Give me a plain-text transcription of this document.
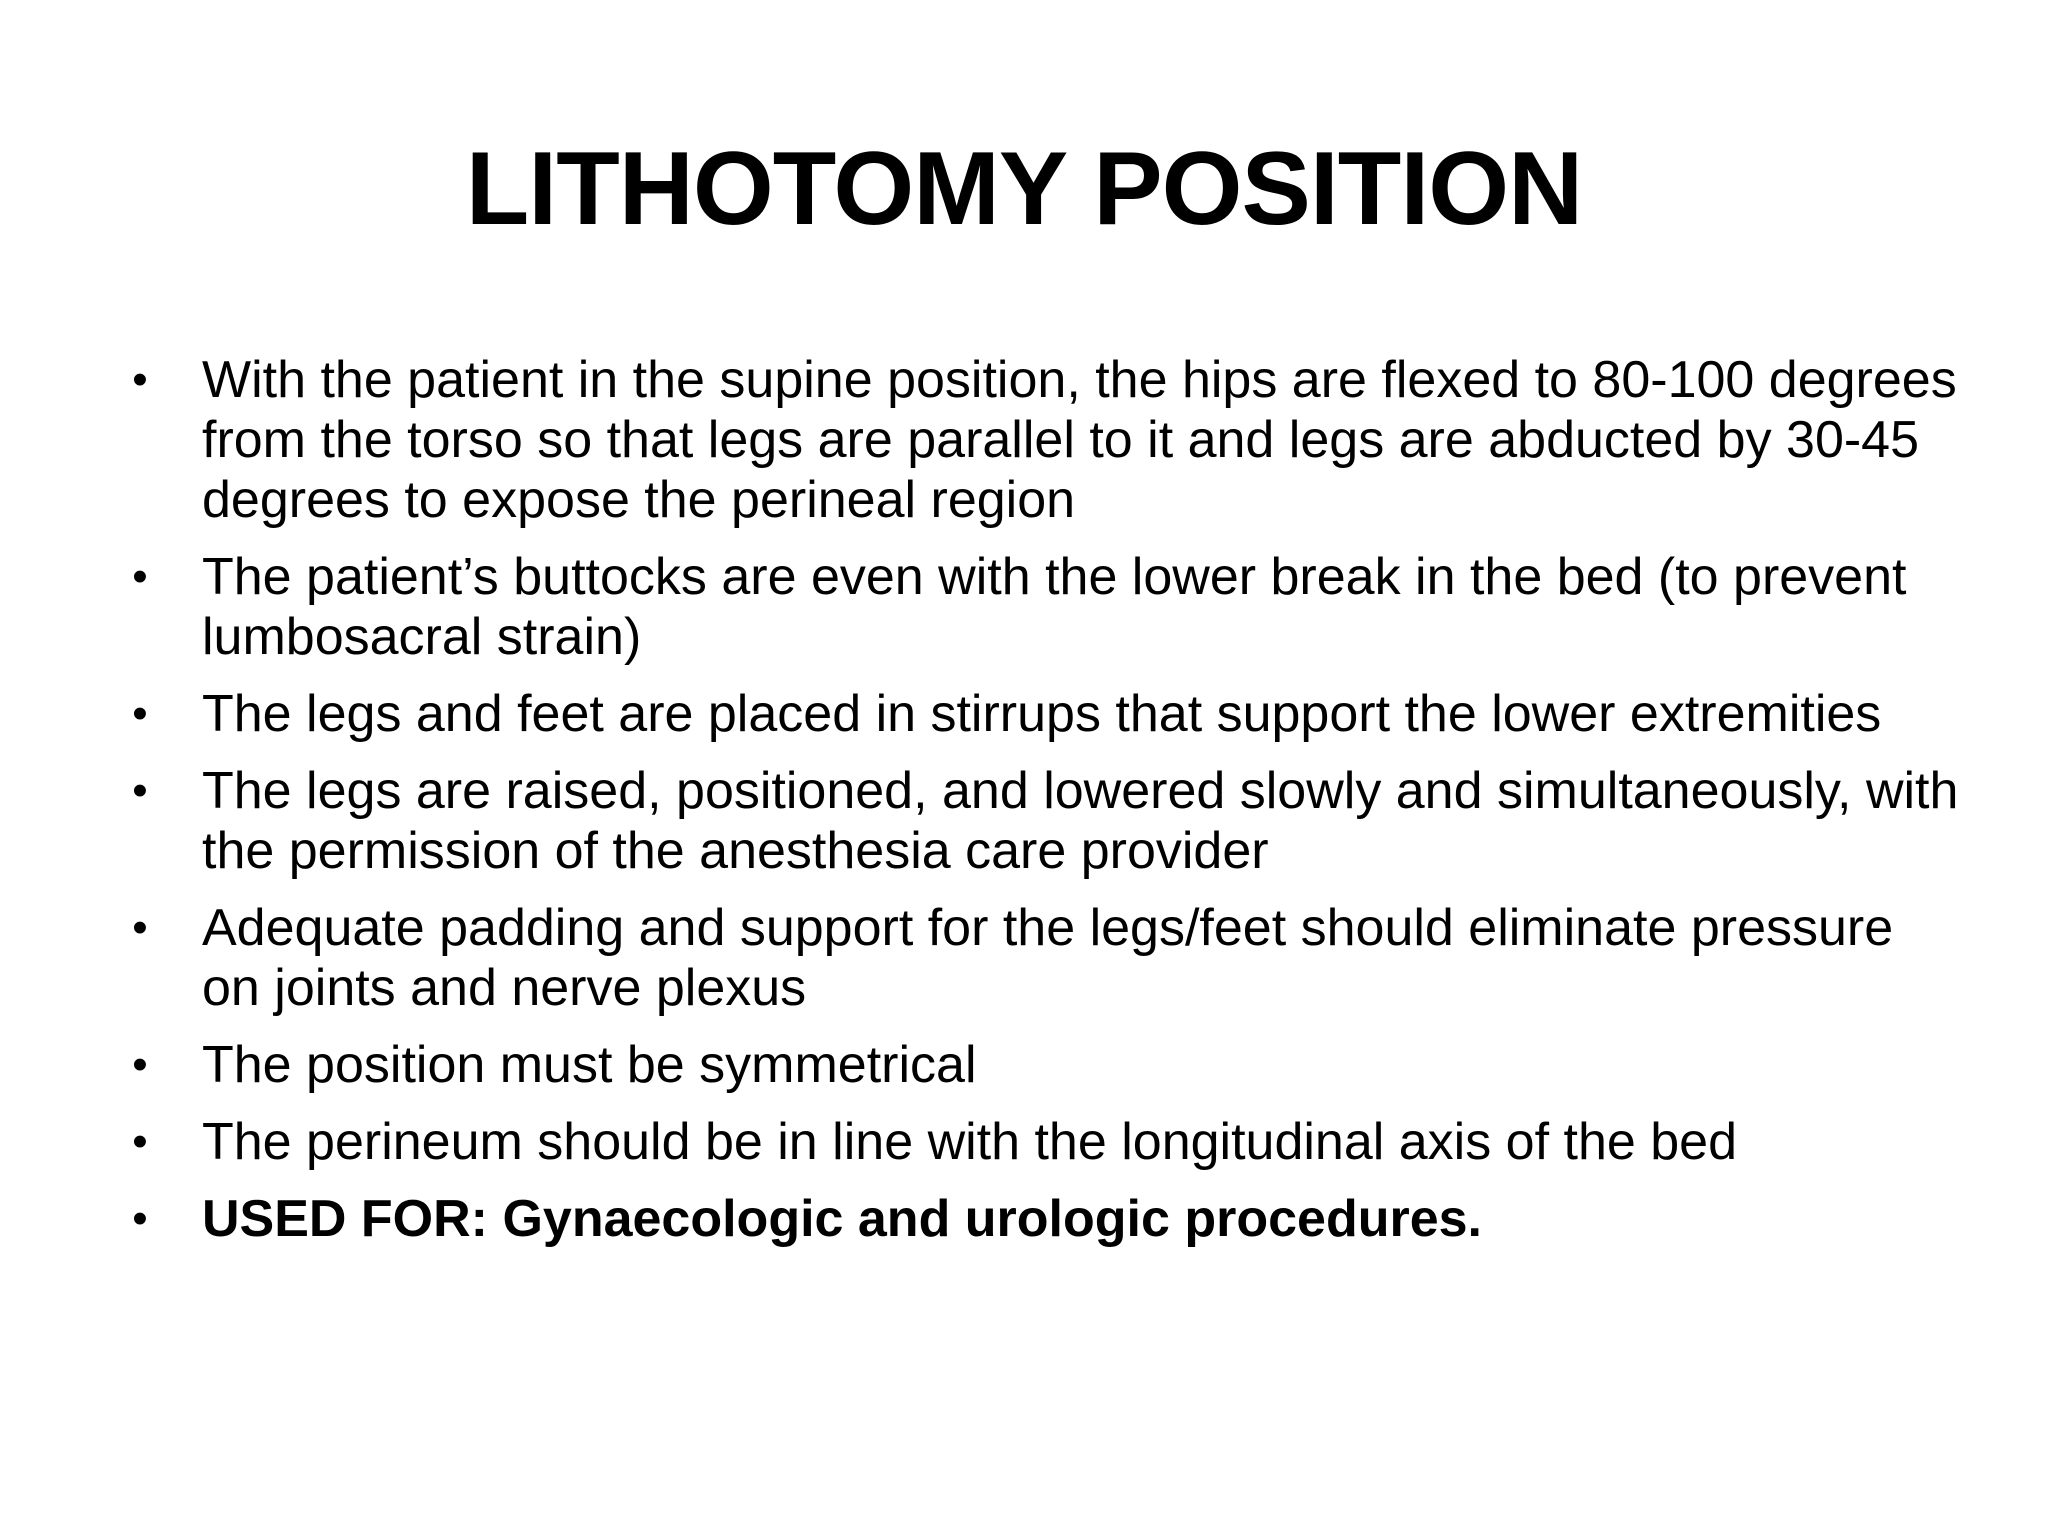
LITHOTOMY POSITION
• With the patient in the supine position, the hips are flexed to 80-100 degrees from the torso so that legs are parallel to it and legs are abducted by 30-45 degrees to expose the perineal region
• The patient’s buttocks are even with the lower break in the bed (to prevent lumbosacral strain)
• The legs and feet are placed in stirrups that support the lower extremities
• The legs are raised, positioned, and lowered slowly and simultaneously, with the permission of the anesthesia care provider
• Adequate padding and support for the legs/feet should eliminate pressure on joints and nerve plexus
• The position must be symmetrical
• The perineum should be in line with the longitudinal axis of the bed
• USED FOR: Gynaecologic and urologic procedures.
